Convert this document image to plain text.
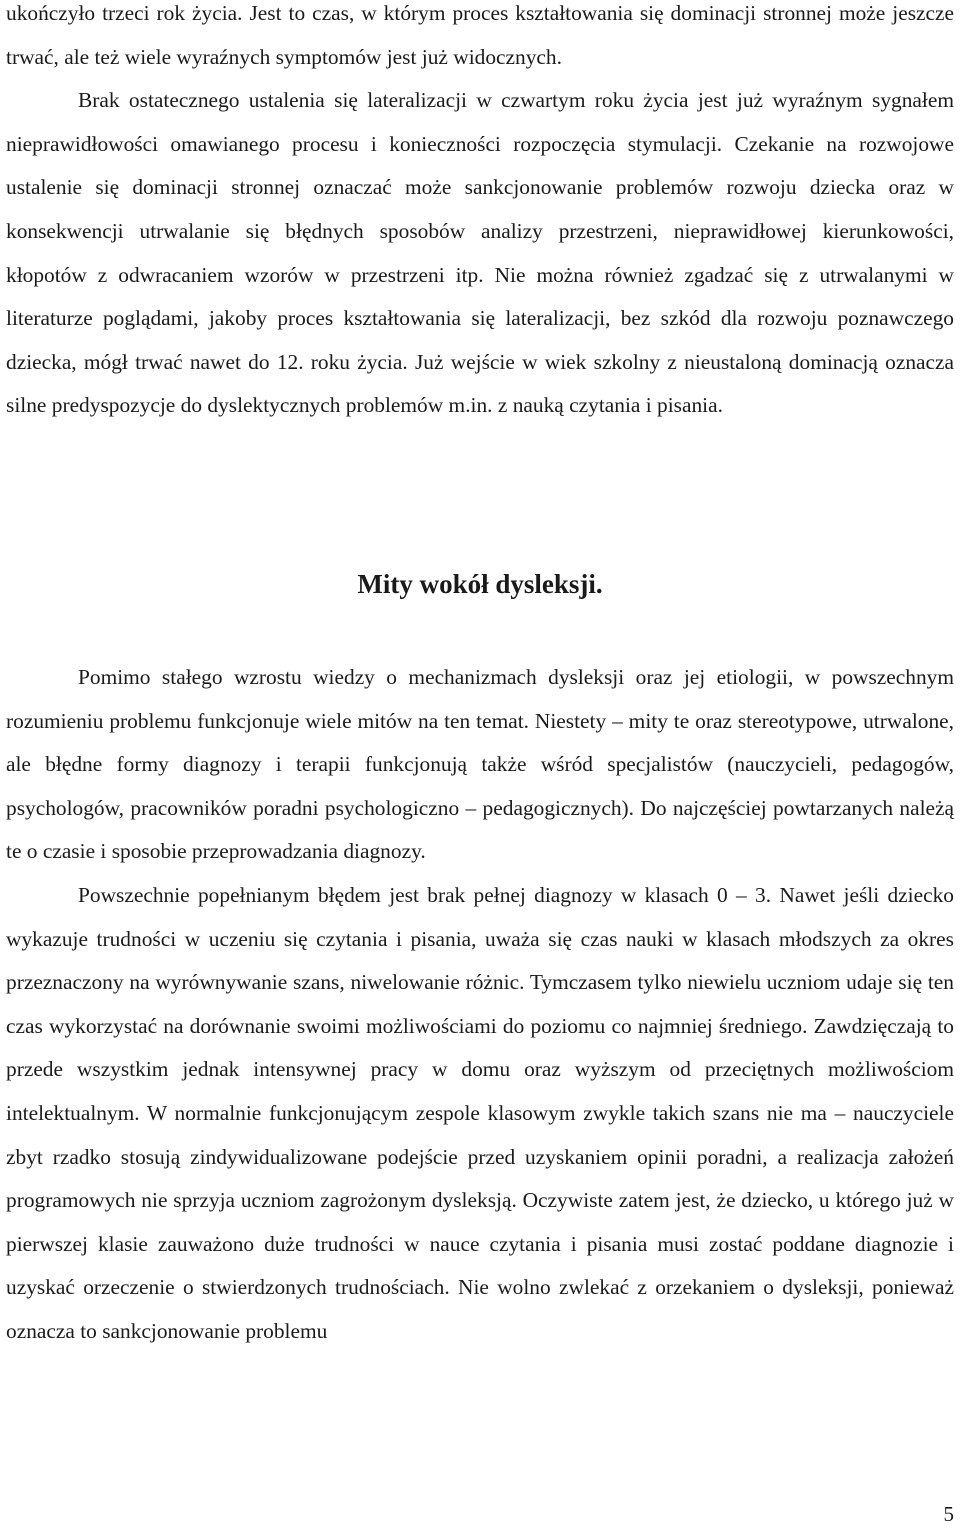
ukończyło trzeci rok życia. Jest to czas, w którym proces kształtowania się dominacji stronnej może jeszcze trwać, ale też wiele wyraźnych symptomów jest już widocznych.

Brak ostatecznego ustalenia się lateralizacji w czwartym roku życia jest już wyraźnym sygnałem nieprawidłowości omawianego procesu i konieczności rozpoczęcia stymulacji. Czekanie na rozwojowe ustalenie się dominacji stronnej oznaczać może sankcjonowanie problemów rozwoju dziecka oraz w konsekwencji utrwalanie się błędnych sposobów analizy przestrzeni, nieprawidłowej kierunkowości, kłopotów z odwracaniem wzorów w przestrzeni itp. Nie można również zgadzać się z utrwalanymi w literaturze poglądami, jakoby proces kształtowania się lateralizacji, bez szkód dla rozwoju poznawczego dziecka, mógł trwać nawet do 12. roku życia. Już wejście w wiek szkolny z nieustaloną dominacją oznacza silne predyspozycje do dyslektycznych problemów m.in. z nauką czytania i pisania.

Mity wokół dysleksji.

Pomimo stałego wzrostu wiedzy o mechanizmach dysleksji oraz jej etiologii, w powszechnym rozumieniu problemu funkcjonuje wiele mitów na ten temat. Niestety – mity te oraz stereotypowe, utrwalone, ale błędne formy diagnozy i terapii funkcjonują także wśród specjalistów (nauczycieli, pedagogów, psychologów, pracowników poradni psychologiczno – pedagogicznych). Do najczęściej powtarzanych należą te o czasie i sposobie przeprowadzania diagnozy.

Powszechnie popełnianym błędem jest brak pełnej diagnozy w klasach 0 – 3. Nawet jeśli dziecko wykazuje trudności w uczeniu się czytania i pisania, uważa się czas nauki w klasach młodszych za okres przeznaczony na wyrównywanie szans, niwelowanie różnic. Tymczasem tylko niewielu uczniom udaje się ten czas wykorzystać na dorównanie swoimi możliwościami do poziomu co najmniej średniego. Zawdzięczają to przede wszystkim jednak intensywnej pracy w domu oraz wyższym od przeciętnych możliwościom intelektualnym. W normalnie funkcjonującym zespole klasowym zwykle takich szans nie ma – nauczyciele zbyt rzadko stosują zindywidualizowane podejście przed uzyskaniem opinii poradni, a realizacja założeń programowych nie sprzyja uczniom zagrożonym dysleksją. Oczywiste zatem jest, że dziecko, u którego już w pierwszej klasie zauważono duże trudności w nauce czytania i pisania musi zostać poddane diagnozie i uzyskać orzeczenie o stwierdzonych trudnościach. Nie wolno zwlekać z orzekaniem o dysleksji, ponieważ oznacza to sankcjonowanie problemu

5
